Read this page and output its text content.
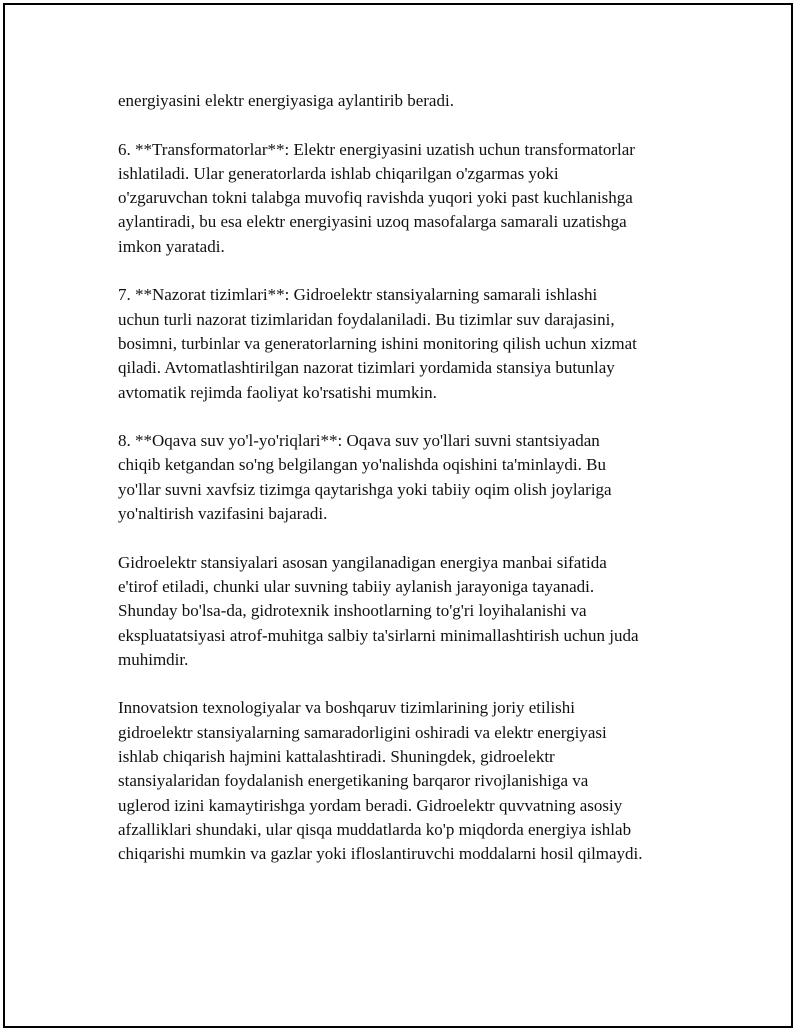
energiyasini elektr energiyasiga aylantirib beradi.

6. **Transformatorlar**: Elektr energiyasini uzatish uchun transformatorlar
ishlatiladi. Ular generatorlarda ishlab chiqarilgan o'zgarmas yoki
o'zgaruvchan tokni talabga muvofiq ravishda yuqori yoki past kuchlanishga
aylantiradi, bu esa elektr energiyasini uzoq masofalarga samarali uzatishga
imkon yaratadi.

7. **Nazorat tizimlari**: Gidroelektr stansiyalarning samarali ishlashi
uchun turli nazorat tizimlaridan foydalaniladi. Bu tizimlar suv darajasini,
bosimni, turbinlar va generatorlarning ishini monitoring qilish uchun xizmat
qiladi. Avtomatlashtirilgan nazorat tizimlari yordamida stansiya butunlay
avtomatik rejimda faoliyat ko'rsatishi mumkin.

8. **Oqava suv yo'l-yo'riqlari**: Oqava suv yo'llari suvni stantsiyadan
chiqib ketgandan so'ng belgilangan yo'nalishda oqishini ta'minlaydi. Bu
yo'llar suvni xavfsiz tizimga qaytarishga yoki tabiiy oqim olish joylariga
yo'naltirish vazifasini bajaradi.

Gidroelektr stansiyalari asosan yangilanadigan energiya manbai sifatida
e'tirof etiladi, chunki ular suvning tabiiy aylanish jarayoniga tayanadi.
Shunday bo'lsa-da, gidrotexnik inshootlarning to'g'ri loyihalanishi va
ekspluatatsiyasi atrof-muhitga salbiy ta'sirlarni minimallashtirish uchun juda
muhimdir.

Innovatsion texnologiyalar va boshqaruv tizimlarining joriy etilishi
gidroelektr stansiyalarning samaradorligini oshiradi va elektr energiyasi
ishlab chiqarish hajmini kattalashtiradi. Shuningdek, gidroelektr
stansiyalaridan foydalanish energetikaning barqaror rivojlanishiga va
uglerod izini kamaytirishga yordam beradi. Gidroelektr quvvatning asosiy
afzalliklari shundaki, ular qisqa muddatlarda ko'p miqdorda energiya ishlab
chiqarishi mumkin va gazlar yoki ifloslantiruvchi moddalarni hosil qilmaydi.
